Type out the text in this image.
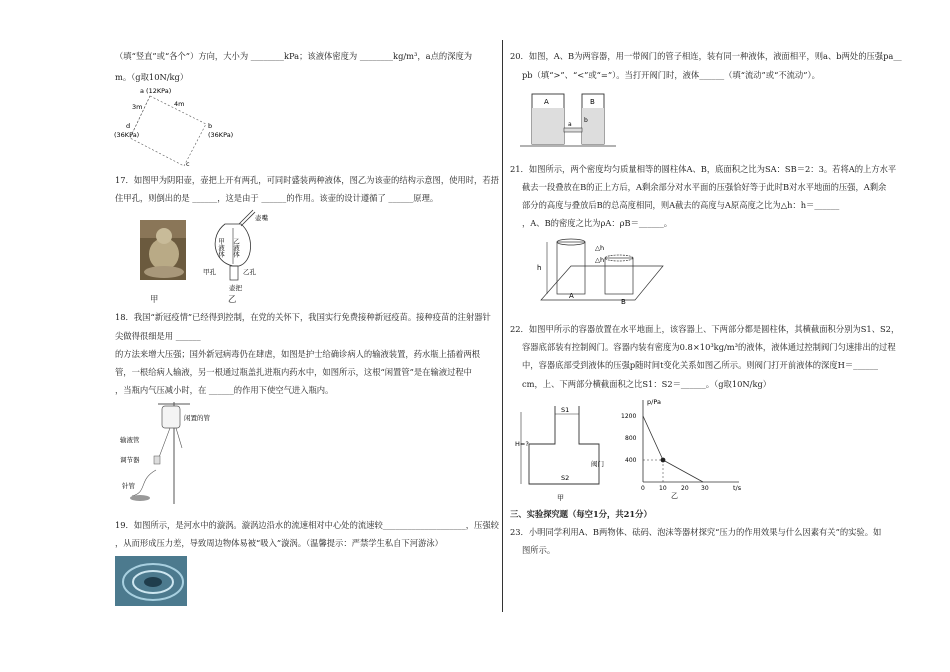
（填“竖直”或“各个”）方向，大小为 ________kPa；该液体密度为 ________kg/m³，a点的深度为
m。（g取10N/kg）
a (12KPa)
3m	4m
d
(36KPa)
b
(36KPa)
c
17．如图甲为阴阳壶，壶把上开有两孔，可同时盛装两种液体，图乙为该壶的结构示意图，使用时，若捂
住甲孔，则倒出的是 ______，这是由于 ______的作用。该壶的设计遵循了 ______原理。
甲
壶嘴
甲液体 乙液体
甲孔	乙孔
壶把
乙
18．我国“新冠疫情”已经得到控制，在党的关怀下，我国实行免费接种新冠疫苗。接种疫苗的注射器针
尖做得很细是用 ______
的方法来增大压强；国外新冠病毒仍在肆虐，如图是护士给确诊病人的输液装置，药水瓶上插着两根
管，一根给病人输液，另一根通过瓶盖扎进瓶内药水中，如图所示，这根“闲置管”是在输液过程中
，当瓶内气压减小时，在 ______的作用下使空气进入瓶内。
闲置的管
输液管
调节器
针管
19．如图所示，是河水中的漩涡。漩涡边沿水的流速相对中心处的流速较____________________，压强较
，从而形成压力差，导致周边物体易被“吸入”漩涡。（温馨提示：严禁学生私自下河游泳）
20．如图，A、B为两容器，用一带阀门的管子相连，装有同一种液体，液面相平，则a、b两处的压强pa__
pb（填“>”、“<”或“=”）。当打开阀门时，液体______（填“流动”或“不流动”）。
A	B
a
b
21．如图所示，两个密度均匀质量相等的圆柱体A、B，底面积之比为SA：SB＝2：3。若将A的上方水平
截去一段叠放在B的正上方后，A剩余部分对水平面的压强恰好等于此时B对水平地面的压强，A剩余
部分的高度与叠放后B的总高度相同，则A截去的高度与A原高度之比为△h：h＝______
，A、B的密度之比为ρA：ρB＝______。
h
△h
△h
A
B
22．如图甲所示的容器放置在水平地面上，该容器上、下两部分都是圆柱体，其横截面积分别为S1、S2，
容器底部装有控制阀门。容器内装有密度为0.8×10³kg/m³的液体，液体通过控制阀门匀速排出的过程
中，容器底部受到液体的压强p随时间t变化关系如图乙所示。则阀门打开前液体的深度H＝______
cm，上、下两部分横截面积之比S1：S2＝______。（g取10N/kg）
S1
S2
H=?
阀门
甲
p/Pa
t/s
1200
800
400
0 10 20 30
乙
三、实验探究题（每空1分，共21分）
23．小明同学利用A、B两物体、砝码、泡沫等器材探究“压力的作用效果与什么因素有关”的实验。如
图所示。
